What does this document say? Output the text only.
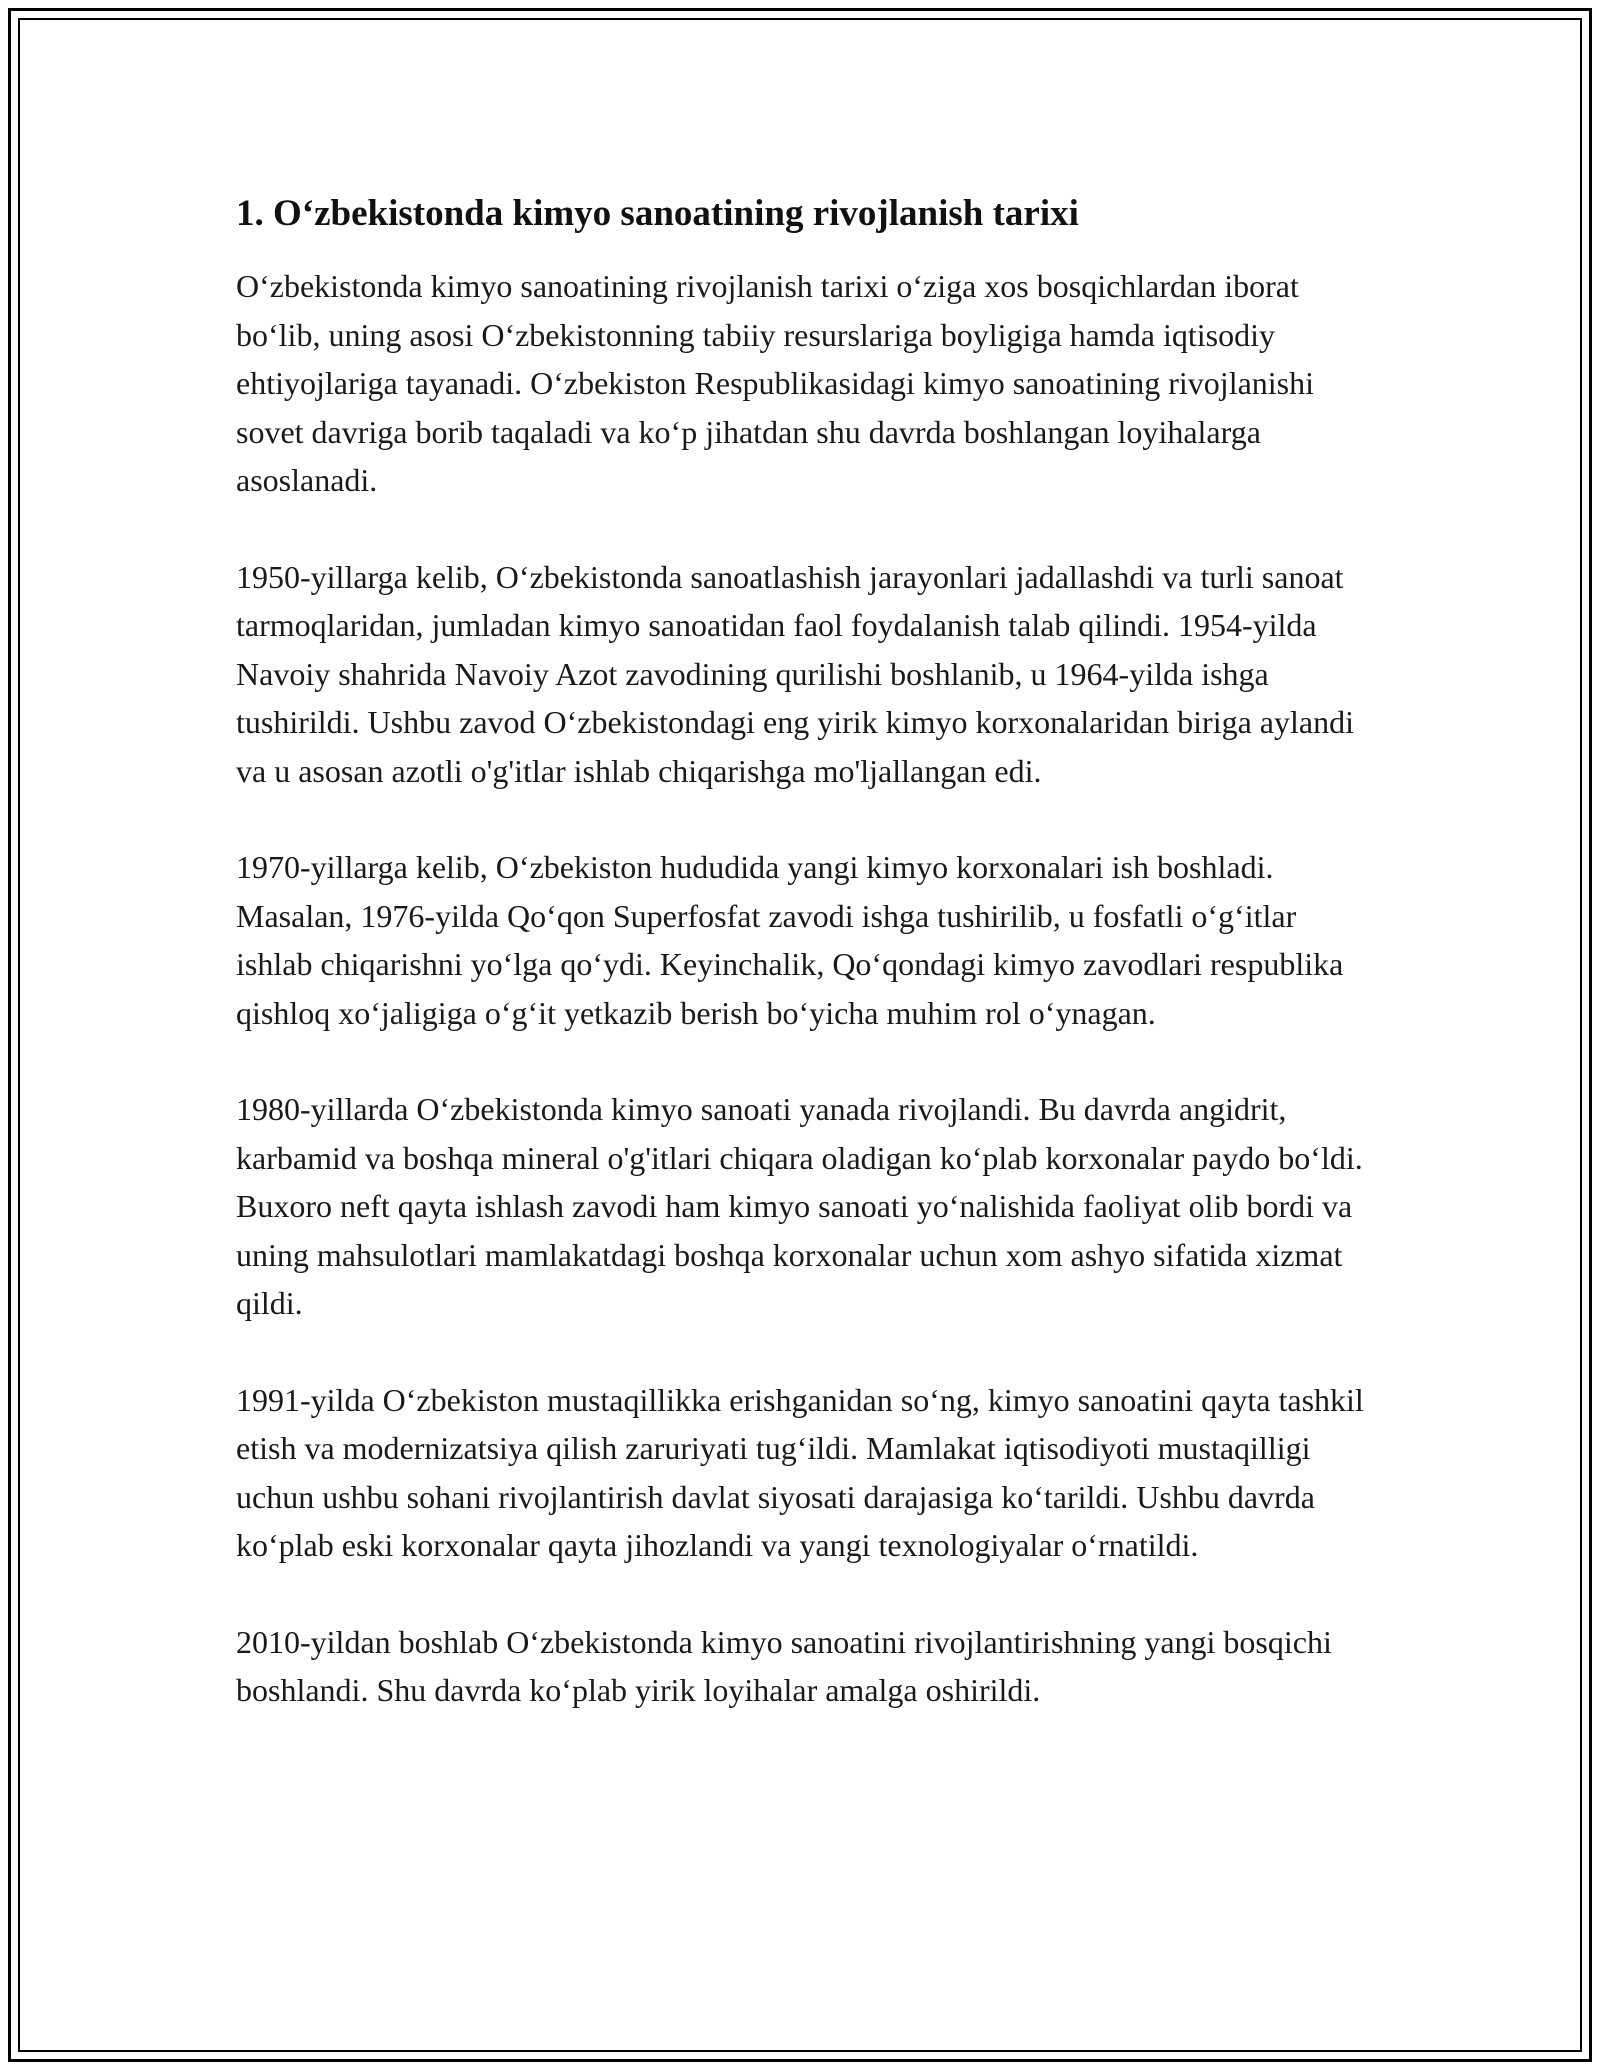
1. O‘zbekistonda kimyo sanoatining rivojlanish tarixi

O‘zbekistonda kimyo sanoatining rivojlanish tarixi o‘ziga xos bosqichlardan iborat bo‘lib, uning asosi O‘zbekistonning tabiiy resurslariga boyligiga hamda iqtisodiy ehtiyojlariga tayanadi. O‘zbekiston Respublikasidagi kimyo sanoatining rivojlanishi sovet davriga borib taqaladi va ko‘p jihatdan shu davrda boshlangan loyihalarga asoslanadi.

1950-yillarga kelib, O‘zbekistonda sanoatlashish jarayonlari jadallashdi va turli sanoat tarmoqlaridan, jumladan kimyo sanoatidan faol foydalanish talab qilindi. 1954-yilda Navoiy shahrida Navoiy Azot zavodining qurilishi boshlanib, u 1964-yilda ishga tushirildi. Ushbu zavod O‘zbekistondagi eng yirik kimyo korxonalaridan biriga aylandi va u asosan azotli o'g'itlar ishlab chiqarishga mo'ljallangan edi.

1970-yillarga kelib, O‘zbekiston hududida yangi kimyo korxonalari ish boshladi. Masalan, 1976-yilda Qo‘qon Superfosfat zavodi ishga tushirilib, u fosfatli o‘g‘itlar ishlab chiqarishni yo‘lga qo‘ydi. Keyinchalik, Qo‘qondagi kimyo zavodlari respublika qishloq xo‘jaligiga o‘g‘it yetkazib berish bo‘yicha muhim rol o‘ynagan.

1980-yillarda O‘zbekistonda kimyo sanoati yanada rivojlandi. Bu davrda angidrit, karbamid va boshqa mineral o'g'itlari chiqara oladigan ko‘plab korxonalar paydo bo‘ldi. Buxoro neft qayta ishlash zavodi ham kimyo sanoati yo‘nalishida faoliyat olib bordi va uning mahsulotlari mamlakatdagi boshqa korxonalar uchun xom ashyo sifatida xizmat qildi.

1991-yilda O‘zbekiston mustaqillikka erishganidan so‘ng, kimyo sanoatini qayta tashkil etish va modernizatsiya qilish zaruriyati tug‘ildi. Mamlakat iqtisodiyoti mustaqilligi uchun ushbu sohani rivojlantirish davlat siyosati darajasiga ko‘tarildi. Ushbu davrda ko‘plab eski korxonalar qayta jihozlandi va yangi texnologiyalar o‘rnatildi.

2010-yildan boshlab O‘zbekistonda kimyo sanoatini rivojlantirishning yangi bosqichi boshlandi. Shu davrda ko‘plab yirik loyihalar amalga oshirildi.
